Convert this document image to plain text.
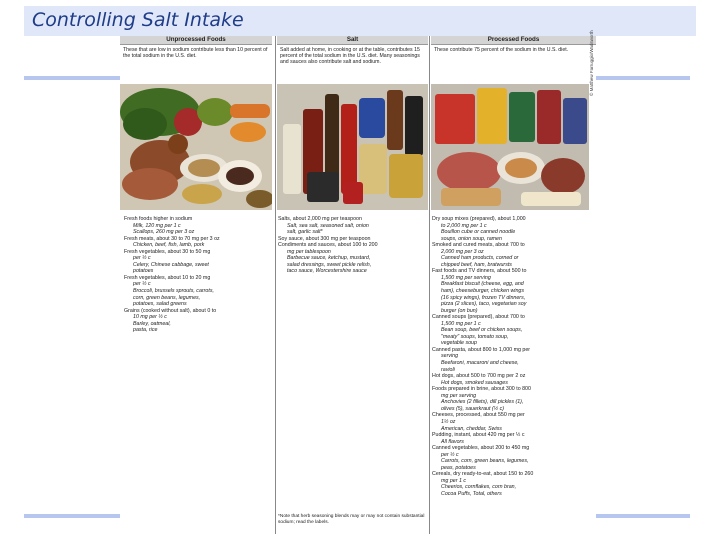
Controlling Salt Intake
Unprocessed Foods
These that are low in sodium contribute less than 10 percent of the total sodium in the U.S. diet.
Fresh foods higher in sodium
Milk, 120 mg per 1 c
Scallops, 260 mg per 3 oz
Fresh meats, about 30 to 70 mg per 3 oz
Chicken, beef, fish, lamb, pork
Fresh vegetables, about 30 to 50 mg
per ½ c
Celery, Chinese cabbage, sweet
potatoes
Fresh vegetables, about 10 to 20 mg
per ½ c
Broccoli, brussels sprouts, carrots,
corn, green beans, legumes,
potatoes, salad greens
Grains (cooked without salt), about 0 to
10 mg per ½ c
Barley, oatmeal,
pasta, rice
Salt
Salt added at home, in cooking or at the table, contributes 15 percent of the total sodium in the U.S. diet. Many seasonings and sauces also contribute salt and sodium.
Salts, about 2,000 mg per teaspoon
Salt, sea salt, seasoned salt, onion
salt, garlic salt*
Soy sauce, about 300 mg per teaspoon
Condiments and sauces, about 100 to 200
mg per tablespoon
Barbecue sauce, ketchup, mustard,
salad dressings, sweet pickle relish,
taco sauce, Worcestershire sauce
Processed Foods
These contribute 75 percent of the sodium in the U.S. diet.	© Matthew Farruggio/Wadsworth
Dry soup mixes (prepared), about 1,000
to 2,000 mg per 1 c
Bouillon cube or canned noodle
soups, onion soup, ramen
Smoked and cured meats, about 700 to
2,000 mg per 3 oz
Canned ham products, corned or
chipped beef, ham, bratwursts
Fast foods and TV dinners, about 500 to
1,500 mg per serving
Breakfast biscuit (cheese, egg, and
ham), cheeseburger, chicken wings
(16 spicy wings), frozen TV dinners,
pizza (2 slices), taco, vegetarian soy
burger (on bun)
Canned soups (prepared), about 700 to
1,500 mg per 1 c
Bean soup, beef or chicken soups,
"meaty" soups, tomato soup,
vegetable soup
Canned pasta, about 800 to 1,000 mg per
serving
Beefaroni, macaroni and cheese,
ravioli
Hot dogs, about 500 to 700 mg per 2 oz
Hot dogs, smoked sausages
Foods prepared in brine, about 300 to 800
mg per serving
Anchovies (2 fillets), dill pickles (1),
olives (5), sauerkraut (½ c)
Cheeses, processed, about 550 mg per
1½ oz
American, cheddar, Swiss
Pudding, instant, about 420 mg per ½ c
All flavors
Canned vegetables, about 200 to 450 mg
per ½ c
Carrots, corn, green beans, legumes,
peas, potatoes
Cereals, dry ready-to-eat, about 150 to 260
mg per 1 c
Cheerios, cornflakes, corn bran,
Cocoa Puffs, Total, others
*Note that herb seasoning blends may or may not contain substantial sodium; read the labels.
